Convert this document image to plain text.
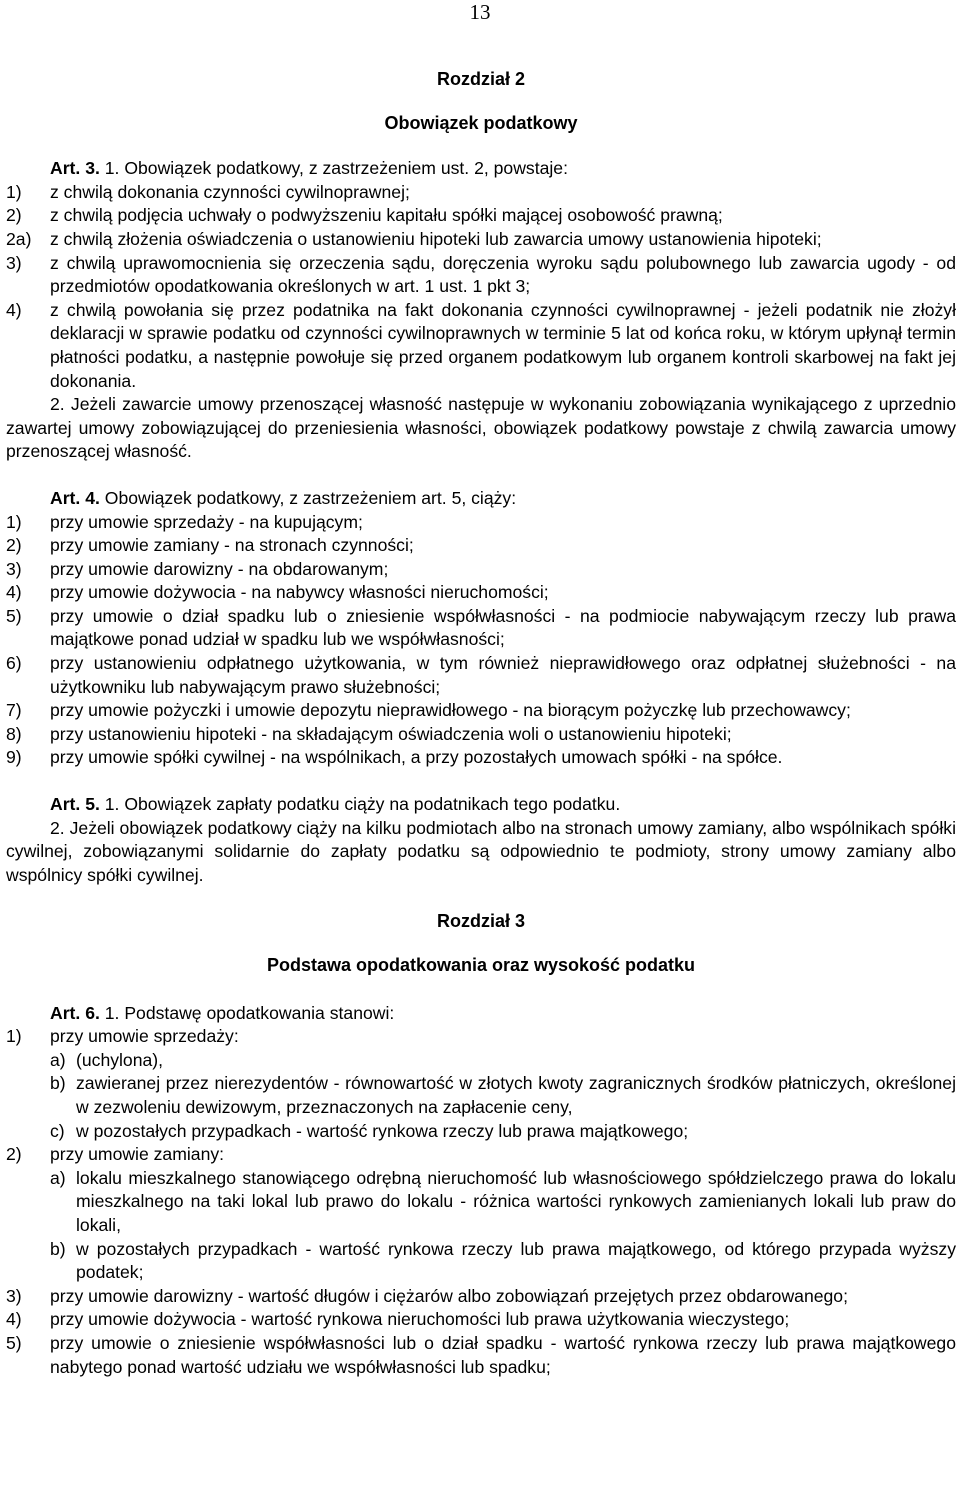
13
Rozdział 2
Obowiązek podatkowy
Art. 3. 1. Obowiązek podatkowy, z zastrzeżeniem ust. 2, powstaje:
1)	z chwilą dokonania czynności cywilnoprawnej;
2)	z chwilą podjęcia uchwały o podwyższeniu kapitału spółki mającej osobowość prawną;
2a)	z chwilą złożenia oświadczenia o ustanowieniu hipoteki lub zawarcia umowy ustanowienia hipoteki;
3)	z chwilą uprawomocnienia się orzeczenia sądu, doręczenia wyroku sądu polubownego lub zawarcia ugody - od przedmiotów opodatkowania określonych w art. 1 ust. 1 pkt 3;
4)	z chwilą powołania się przez podatnika na fakt dokonania czynności cywilnoprawnej - jeżeli podatnik nie złożył deklaracji w sprawie podatku od czynności cywilnoprawnych w terminie 5 lat od końca roku, w którym upłynął termin płatności podatku, a następnie powołuje się przed organem podatkowym lub organem kontroli skarbowej na fakt jej dokonania.
2. Jeżeli zawarcie umowy przenoszącej własność następuje w wykonaniu zobowiązania wynikającego z uprzednio zawartej umowy zobowiązującej do przeniesienia własności, obowiązek podatkowy powstaje z chwilą zawarcia umowy przenoszącej własność.
Art. 4. Obowiązek podatkowy, z zastrzeżeniem art. 5, ciąży:
1)	przy umowie sprzedaży - na kupującym;
2)	przy umowie zamiany - na stronach czynności;
3)	przy umowie darowizny - na obdarowanym;
4)	przy umowie dożywocia - na nabywcy własności nieruchomości;
5)	przy umowie o dział spadku lub o zniesienie współwłasności - na podmiocie nabywającym rzeczy lub prawa majątkowe ponad udział w spadku lub we współwłasności;
6)	przy ustanowieniu odpłatnego użytkowania, w tym również nieprawidłowego oraz odpłatnej służebności - na użytkowniku lub nabywającym prawo służebności;
7)	przy umowie pożyczki i umowie depozytu nieprawidłowego - na biorącym pożyczkę lub przechowawcy;
8)	przy ustanowieniu hipoteki - na składającym oświadczenia woli o ustanowieniu hipoteki;
9)	przy umowie spółki cywilnej - na wspólnikach, a przy pozostałych umowach spółki - na spółce.
Art. 5. 1. Obowiązek zapłaty podatku ciąży na podatnikach tego podatku.
2. Jeżeli obowiązek podatkowy ciąży na kilku podmiotach albo na stronach umowy zamiany, albo wspólnikach spółki cywilnej, zobowiązanymi solidarnie do zapłaty podatku są odpowiednio te podmioty, strony umowy zamiany albo wspólnicy spółki cywilnej.
Rozdział 3
Podstawa opodatkowania oraz wysokość podatku
Art. 6. 1. Podstawę opodatkowania stanowi:
1)	przy umowie sprzedaży:
a) (uchylona),
b) zawieranej przez nierezydentów - równowartość w złotych kwoty zagranicznych środków płatniczych, określonej w zezwoleniu dewizowym, przeznaczonych na zapłacenie ceny,
c) w pozostałych przypadkach - wartość rynkowa rzeczy lub prawa majątkowego;
2)	przy umowie zamiany:
a) lokalu mieszkalnego stanowiącego odrębną nieruchomość lub własnościowego spółdzielczego prawa do lokalu mieszkalnego na taki lokal lub prawo do lokalu - różnica wartości rynkowych zamienianych lokali lub praw do lokali,
b) w pozostałych przypadkach - wartość rynkowa rzeczy lub prawa majątkowego, od którego przypada wyższy podatek;
3)	przy umowie darowizny - wartość długów i ciężarów albo zobowiązań przejętych przez obdarowanego;
4)	przy umowie dożywocia - wartość rynkowa nieruchomości lub prawa użytkowania wieczystego;
5)	przy umowie o zniesienie współwłasności lub o dział spadku - wartość rynkowa rzeczy lub prawa majątkowego nabytego ponad wartość udziału we współwłasności lub spadku;
